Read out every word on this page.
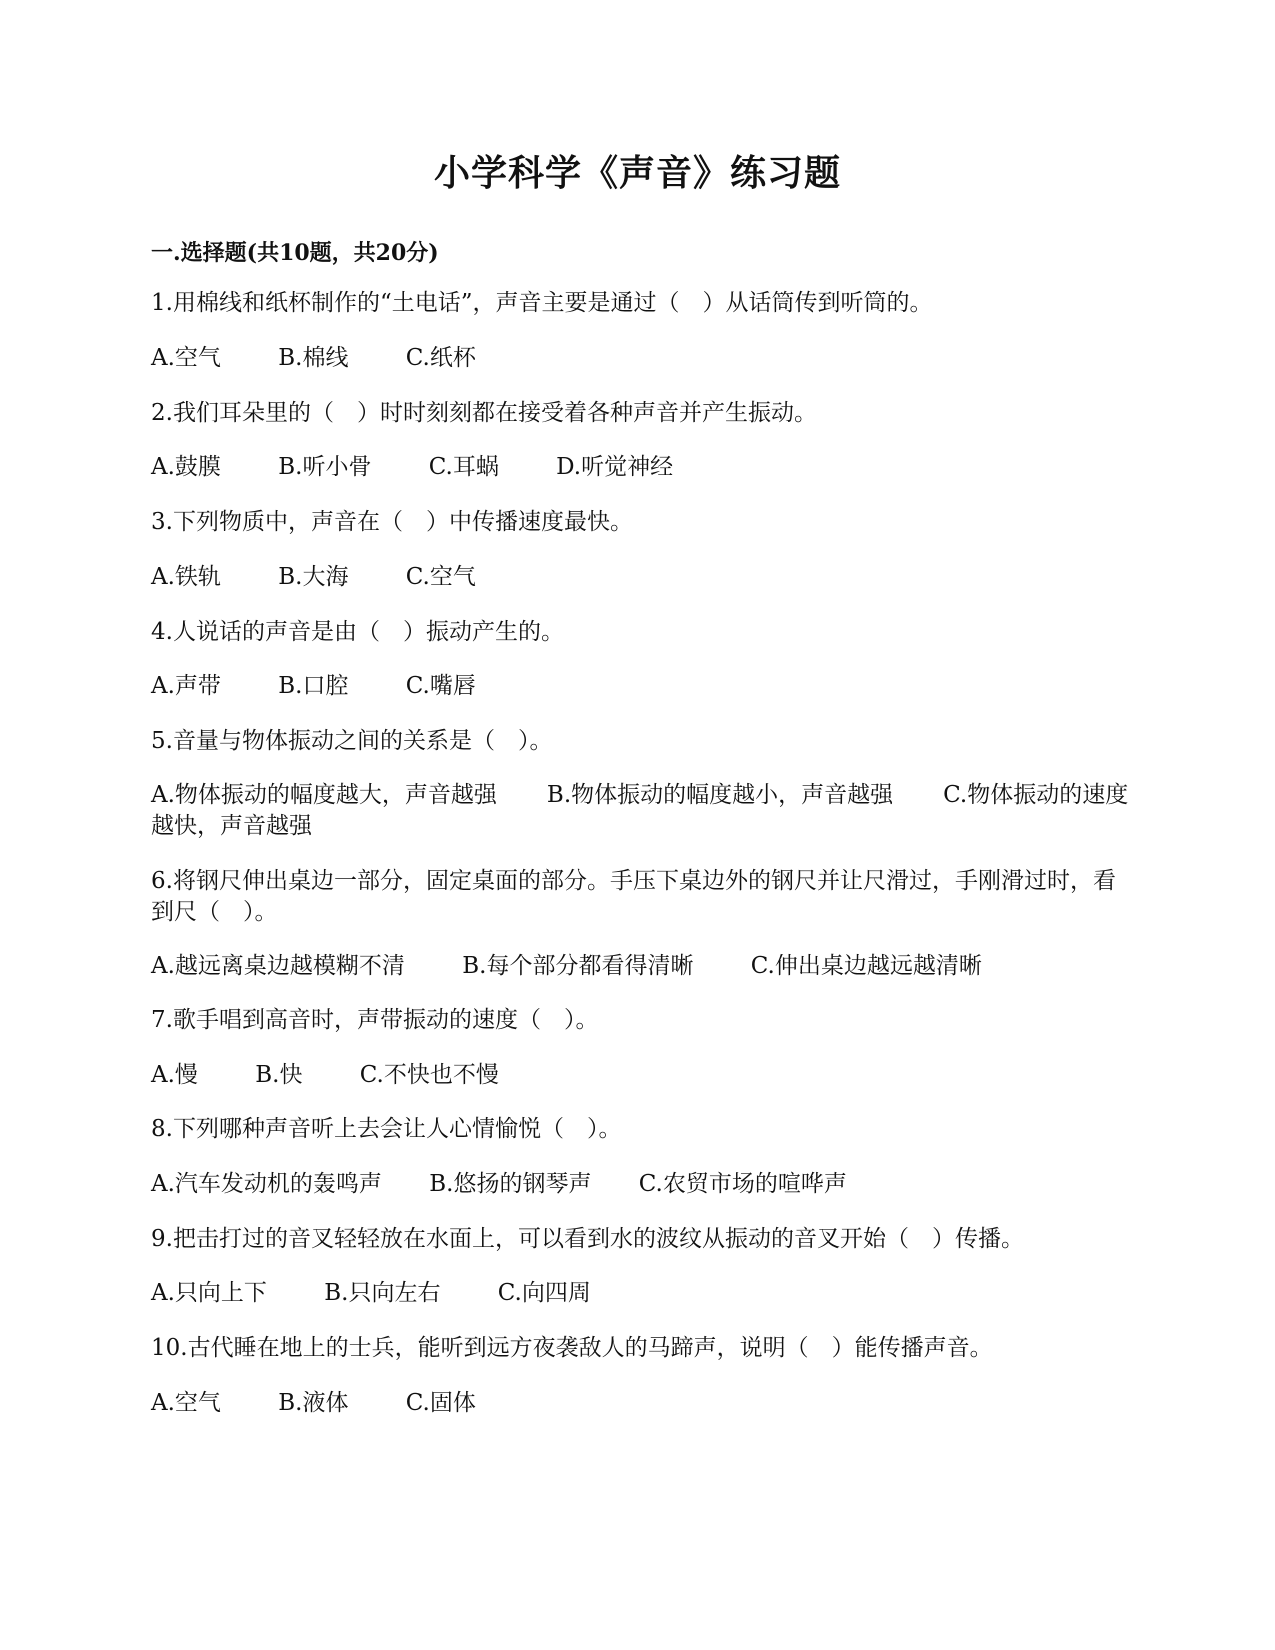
小学科学《声音》练习题
一.选择题(共10题，共20分)
1.用棉线和纸杯制作的“土电话”，声音主要是通过（　）从话筒传到听筒的。
A.空气 B.棉线 C.纸杯
2.我们耳朵里的（　）时时刻刻都在接受着各种声音并产生振动。
A.鼓膜 B.听小骨 C.耳蜗 D.听觉神经
3.下列物质中，声音在（　）中传播速度最快。
A.铁轨 B.大海 C.空气
4.人说话的声音是由（　）振动产生的。
A.声带 B.口腔 C.嘴唇
5.音量与物体振动之间的关系是（　）。
A.物体振动的幅度越大，声音越强 B.物体振动的幅度越小，声音越强 C.物体振动的速度越快，声音越强
6.将钢尺伸出桌边一部分，固定桌面的部分。手压下桌边外的钢尺并让尺滑过，手刚滑过时，看到尺（　）。
A.越远离桌边越模糊不清 B.每个部分都看得清晰 C.伸出桌边越远越清晰
7.歌手唱到高音时，声带振动的速度（　）。
A.慢 B.快 C.不快也不慢
8.下列哪种声音听上去会让人心情愉悦（　）。
A.汽车发动机的轰鸣声 B.悠扬的钢琴声 C.农贸市场的喧哗声
9.把击打过的音叉轻轻放在水面上，可以看到水的波纹从振动的音叉开始（　）传播。
A.只向上下 B.只向左右 C.向四周
10.古代睡在地上的士兵，能听到远方夜袭敌人的马蹄声，说明（　）能传播声音。
A.空气 B.液体 C.固体
